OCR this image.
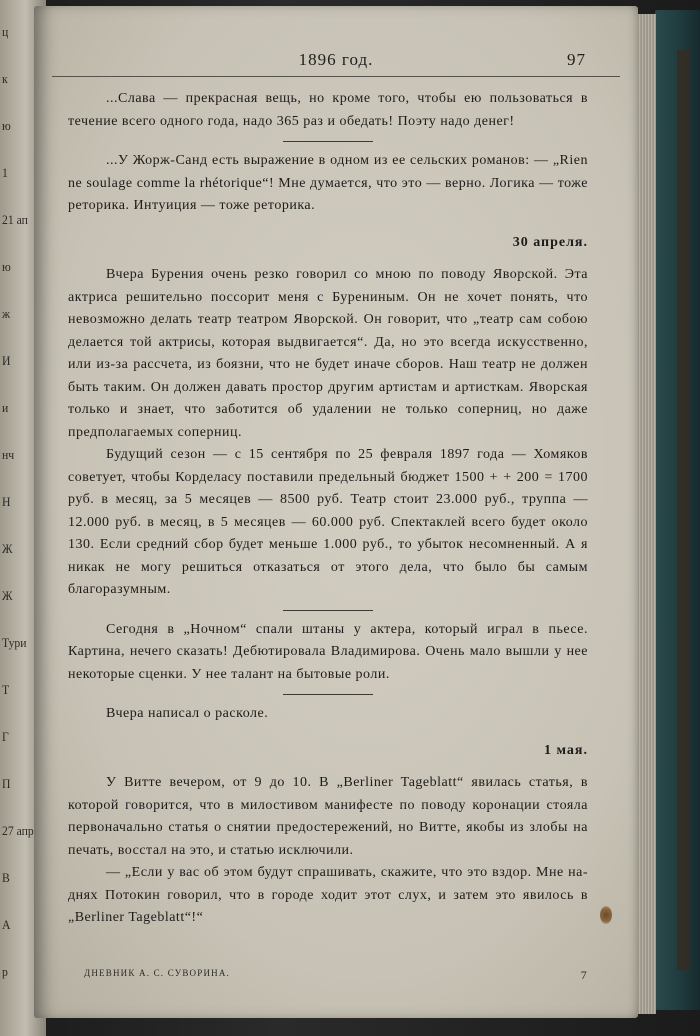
ц
к
ю
1
21 ап
ю
ж
И
и
нч
Н
Ж
Ж
Тури
Т
Г
П
27 апр
В
А
р
1896 год.	97

...Слава — прекрасная вещь, но кроме того, чтобы ею пользоваться в течение всего одного года, надо 365 раз и обедать! Поэту надо денег!

...У Жорж-Санд есть выражение в одном из ее сельских романов: — „Rien ne soulage comme la rhétorique“! Мне думается, что это — верно. Логика — тоже реторика. Интуиция — тоже реторика.

30 апреля.

Вчера Бурения очень резко говорил со мною по поводу Яворской. Эта актриса решительно поссорит меня с Бурениным. Он не хочет понять, что невозможно делать театр театром Яворской. Он говорит, что „театр сам собою делается той актрисы, которая выдвигается“. Да, но это всегда искусственно, или из-за рассчета, из боязни, что не будет иначе сборов. Наш театр не должен быть таким. Он должен давать простор другим артистам и артисткам. Яворская только и знает, что заботится об удалении не только соперниц, но даже предполагаемых соперниц.

Будущий сезон — с 15 сентября по 25 февраля 1897 года — Хомяков советует, чтобы Корделасу поставили предельный бюджет 1500 + + 200 = 1700 руб. в месяц, за 5 месяцев — 8500 руб. Театр стоит 23.000 руб., труппа — 12.000 руб. в месяц, в 5 месяцев — 60.000 руб. Спектаклей всего будет около 130. Если средний сбор будет меньше 1.000 руб., то убыток несомненный. А я никак не могу решиться отказаться от этого дела, что было бы самым благоразумным.

Сегодня в „Ночном“ спали штаны у актера, который играл в пьесе. Картина, нечего сказать! Дебютировала Владимирова. Очень мало вышли у нее некоторые сценки. У нее талант на бытовые роли.

Вчера написал о расколе.

1 мая.

У Витте вечером, от 9 до 10. В „Berliner Tageblatt“ явилась статья, в которой говорится, что в милостивом манифесте по поводу коронации стояла первоначально статья о снятии предостережений, но Витте, якобы из злобы на печать, восстал на это, и статью исключили.

— „Если у вас об этом будут спрашивать, скажите, что это вздор. Мне на-днях Потокин говорил, что в городе ходит этот слух, и затем это явилось в „Berliner Tageblatt“!“

ДНЕВНИК А. С. СУВОРИНА.	7
